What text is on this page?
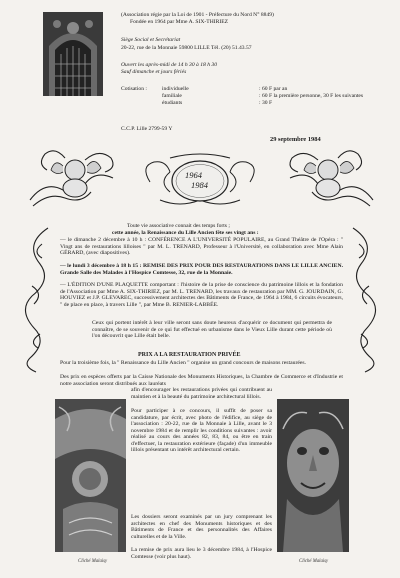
(Association régie par la Loi de 1901 - Préfecture du Nord N° 8849)
Fondée en 1964 par Mme A. SIX-THIRIEZ
Siège Social et Secrétariat
20-22, rue de la Monnaie 59800 LILLE Tél. (20) 51.43.57
Ouvert les après-midi de 14 h 30 à 18 h 30
Sauf dimanche et jours fériés
Cotisation :	individuelle	: 60 F par an
familiale	: 60 F la première personne, 30 F les suivantes
étudiants	: 30 F
C.C.P. Lille 2799-59 Y
29 septembre 1984
1964
1984
Toute vie associative connait des temps forts ;
cette année, la Renaissance du Lille Ancien fête ses vingt ans :
— le dimanche 2 décembre à 10 h : CONFÉRENCE A L'UNIVERSITÉ POPULAIRE, au Grand Théâtre de l'Opéra : " Vingt ans de restaurations lilloises " par M. L. TRENARD, Professeur à l'Université, en collaboration avec Mme Alain GÉRARD, (avec diapositives).
— le lundi 3 décembre à 18 h 15 : REMISE DES PRIX POUR DES RESTAURATIONS DANS LE LILLE ANCIEN. Grande Salle des Malades à l'Hospice Comtesse, 32, rue de la Monnaie.
— L'ÉDITION D'UNE PLAQUETTE comportant : l'histoire de la prise de conscience du patrimoine lillois et la fondation de l'Association par Mme A. SIX-THIRIEZ, par M. L. TRENARD, les travaux de restauration par MM. G. JOURDAIN, G. HOUVIEZ et J.P. GLEVAREC, successivement architectes des Bâtiments de France, de 1964 à 1984, 6 circuits évocateurs, " de place en place, à travers Lille ", par Mme B. RENIER-LABBÉE.
Ceux qui portent intérêt à leur ville seront sans doute heureux d'acquérir ce document qui permettra de connaître, de se souvenir de ce qui fut effectué en urbanisme dans le Vieux Lille durant cette période où l'on découvrit que Lille était belle.
PRIX A LA RESTAURATION PRIVÉE
Pour la troisième fois, la " Renaissance du Lille Ancien " organise un grand concours de maisons restaurées.
Des prix en espèces offerts par la Caisse Nationale des Monuments Historiques, la Chambre de Commerce et d'Industrie et notre association seront distribués aux lauréats
afin d'encourager les restaurations privées qui contribuent au maintien et à la beauté du patrimoine architectural lillois.
Pour participer à ce concours, il suffit de poser sa candidature, par écrit, avec photo de l'édifice, au siège de l'association : 20-22, rue de la Monnaie à Lille, avant le 3 novembre 1984 et de remplir les conditions suivantes : avoir réalisé au cours des années 82, 83, 84, ou être en train d'effectuer, la restauration extérieure (façade) d'un immeuble lillois présentant un intérêt architectural certain.
Les dossiers seront examinés par un jury comprenant les architectes en chef des Monuments historiques et des Bâtiments de France et des personnalités des Affaires culturelles et de la Ville.
La remise de prix aura lieu le 3 décembre 1984, à l'Hospice Comtesse (voir plus haut).
Cliché Malaisy	Cliché Malaisy
